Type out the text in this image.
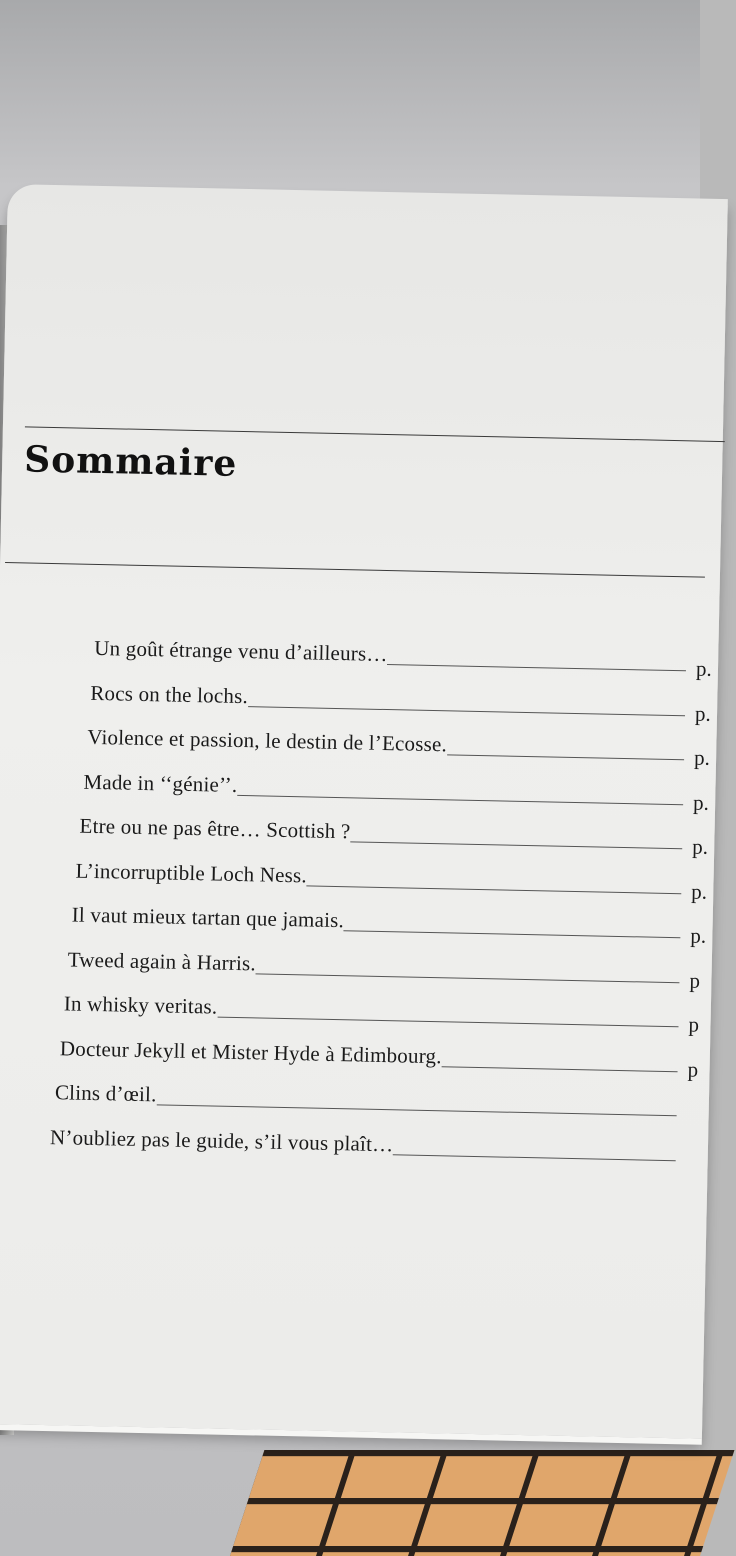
Sommaire
Un goût étrange venu d’ailleurs…
p.
Rocs on the lochs.
p.
Violence et passion, le destin de l’Ecosse.
p.
Made in ‘‘génie’’.
p.
Etre ou ne pas être… Scottish ?
p.
L’incorruptible Loch Ness.
p.
Il vaut mieux tartan que jamais.
p.
Tweed again à Harris.
p
In whisky veritas.
p
Docteur Jekyll et Mister Hyde à Edimbourg.
p
Clins d’œil.
N’oubliez pas le guide, s’il vous plaît…
